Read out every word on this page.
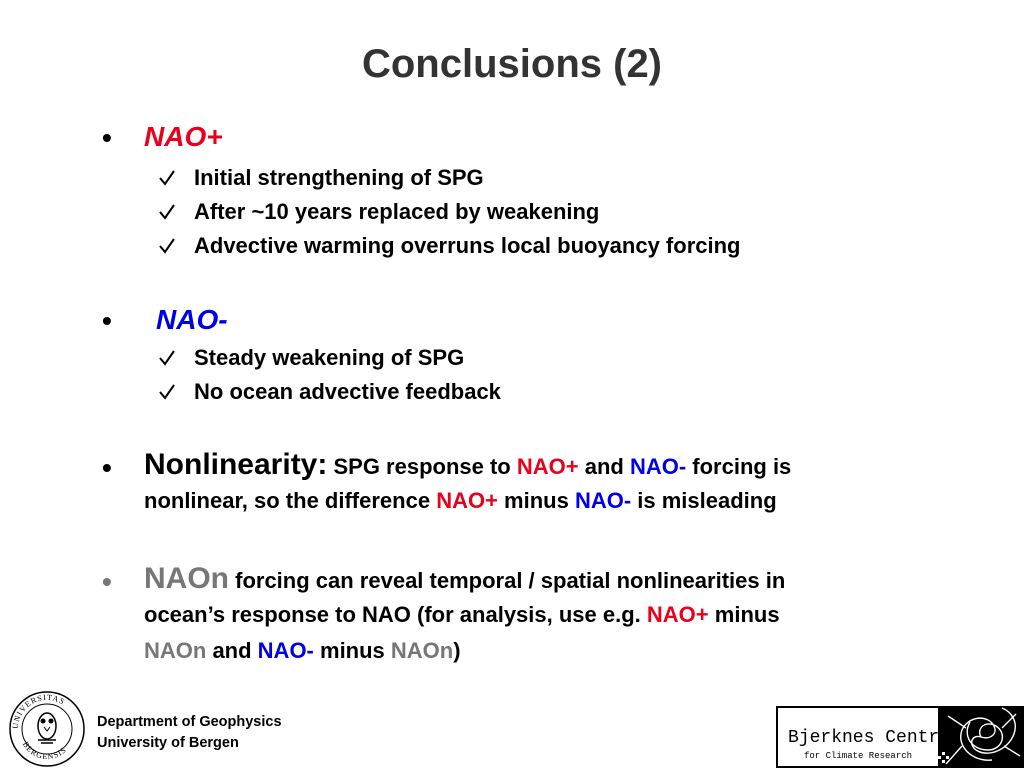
Conclusions (2)
• NAO+
Initial strengthening of SPG
After ~10 years replaced by weakening
Advective warming overruns local buoyancy forcing
• NAO-
Steady weakening of SPG
No ocean advective feedback
• Nonlinearity: SPG response to NAO+ and NAO- forcing is
nonlinear, so the difference NAO+ minus NAO- is misleading
• NAOn forcing can reveal temporal / spatial nonlinearities in
ocean’s response to NAO (for analysis, use e.g. NAO+ minus
NAOn and NAO- minus NAOn)
UNIVERSITAS
BERGENSIS
Department of Geophysics
University of Bergen	Bjerknes Centre
for Climate Research
